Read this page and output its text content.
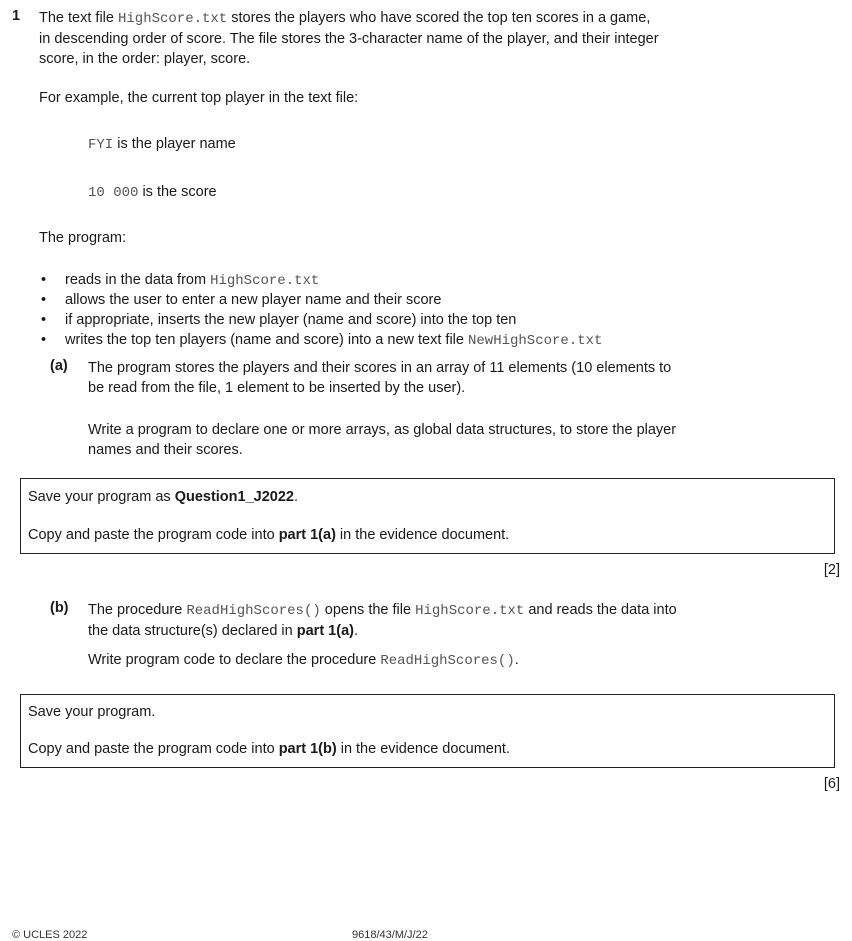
1 The text file HighScore.txt stores the players who have scored the top ten scores in a game,

in descending order of score. The file stores the 3-character name of the player, and their integer

score, in the order: player, score.

For example, the current top player in the text file:

FYI is the player name

10 000 is the score

The program:

• reads in the data from HighScore.txt
• allows the user to enter a new player name and their score
• if appropriate, inserts the new player (name and score) into the top ten
• writes the top ten players (name and score) into a new text file NewHighScore.txt
(a) The program stores the players and their scores in an array of 11 elements (10 elements to

be read from the file, 1 element to be inserted by the user).

Write a program to declare one or more arrays, as global data structures, to store the player

names and their scores.

Save your program as Question1_J2022.

Copy and paste the program code into part 1(a) in the evidence document.

[2]
(b) The procedure ReadHighScores() opens the file HighScore.txt and reads the data into

the data structure(s) declared in part 1(a).

Write program code to declare the procedure ReadHighScores().

Save your program.

Copy and paste the program code into part 1(b) in the evidence document.

[6]
© UCLES 2022	9618/43/M/J/22
